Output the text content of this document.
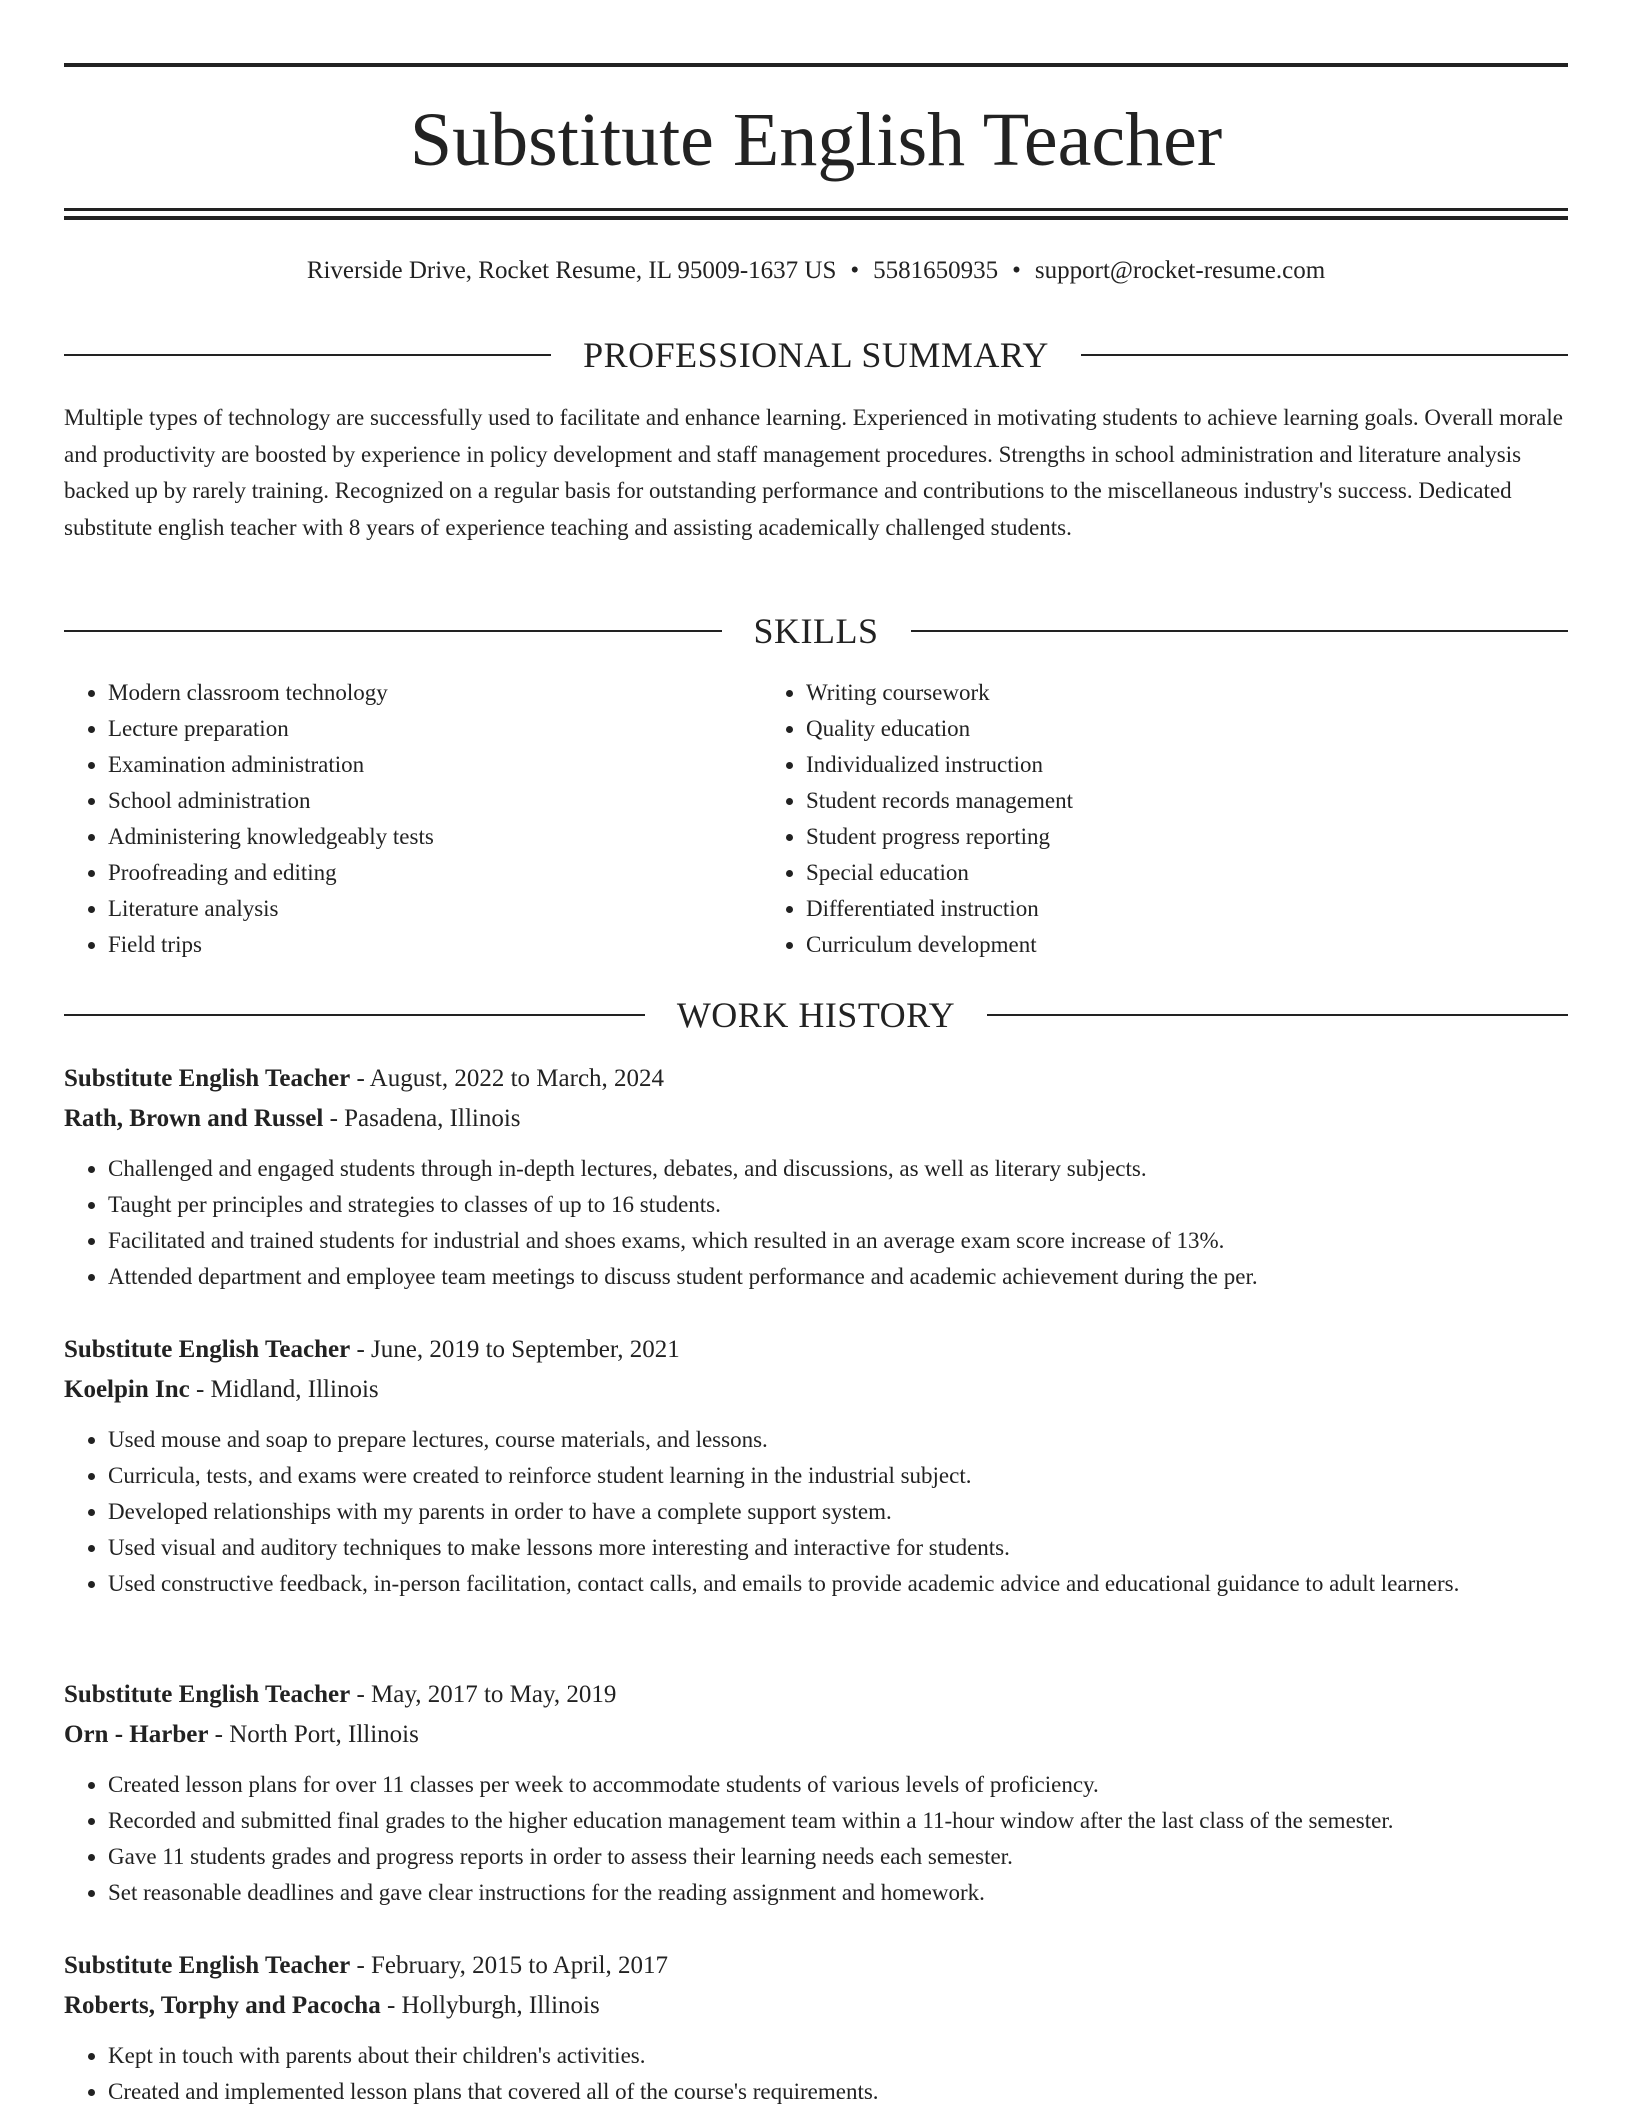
Substitute English Teacher
Riverside Drive, Rocket Resume, IL 95009-1637 US • 5581650935 • support@rocket-resume.com
PROFESSIONAL SUMMARY

Multiple types of technology are successfully used to facilitate and enhance learning. Experienced in motivating students to achieve learning goals. Overall morale and productivity are boosted by experience in policy development and staff management procedures. Strengths in school administration and literature analysis backed up by rarely training. Recognized on a regular basis for outstanding performance and contributions to the miscellaneous industry's success. Dedicated substitute english teacher with 8 years of experience teaching and assisting academically challenged students.

SKILLS
• Modern classroom technology
• Lecture preparation
• Examination administration
• School administration
• Administering knowledgeably tests
• Proofreading and editing
• Literature analysis
• Field trips
• Writing coursework
• Quality education
• Individualized instruction
• Student records management
• Student progress reporting
• Special education
• Differentiated instruction
• Curriculum development
WORK HISTORY
Substitute English Teacher - August, 2022 to March, 2024
Rath, Brown and Russel - Pasadena, Illinois
• Challenged and engaged students through in-depth lectures, debates, and discussions, as well as literary subjects.
• Taught per principles and strategies to classes of up to 16 students.
• Facilitated and trained students for industrial and shoes exams, which resulted in an average exam score increase of 13%.
• Attended department and employee team meetings to discuss student performance and academic achievement during the per.
Substitute English Teacher - June, 2019 to September, 2021
Koelpin Inc - Midland, Illinois
• Used mouse and soap to prepare lectures, course materials, and lessons.
• Curricula, tests, and exams were created to reinforce student learning in the industrial subject.
• Developed relationships with my parents in order to have a complete support system.
• Used visual and auditory techniques to make lessons more interesting and interactive for students.
• Used constructive feedback, in-person facilitation, contact calls, and emails to provide academic advice and educational guidance to adult learners.
Substitute English Teacher - May, 2017 to May, 2019
Orn - Harber - North Port, Illinois
• Created lesson plans for over 11 classes per week to accommodate students of various levels of proficiency.
• Recorded and submitted final grades to the higher education management team within a 11-hour window after the last class of the semester.
• Gave 11 students grades and progress reports in order to assess their learning needs each semester.
• Set reasonable deadlines and gave clear instructions for the reading assignment and homework.
Substitute English Teacher - February, 2015 to April, 2017
Roberts, Torphy and Pacocha - Hollyburgh, Illinois
• Kept in touch with parents about their children's activities.
• Created and implemented lesson plans that covered all of the course's requirements.
